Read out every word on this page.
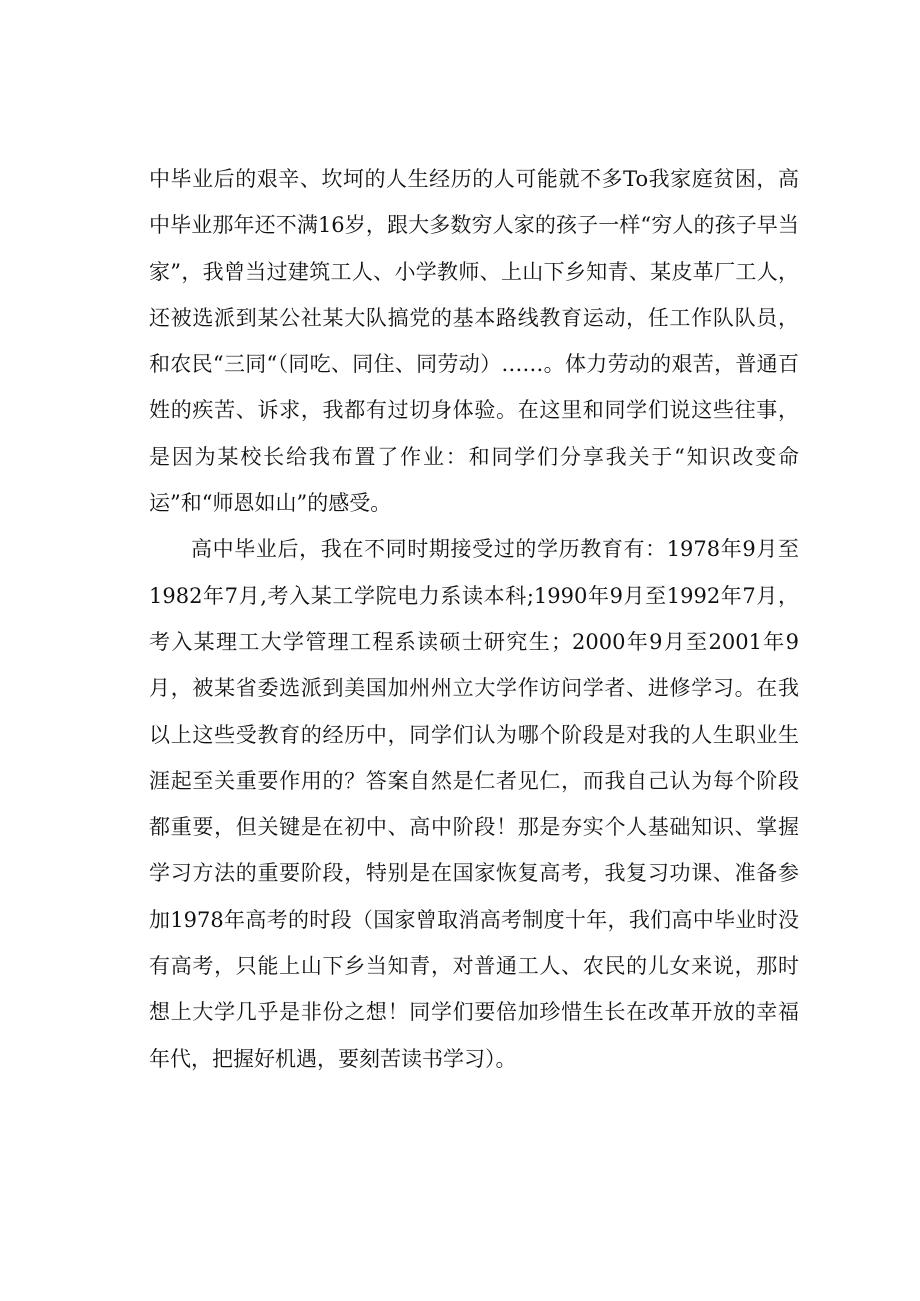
中毕业后的艰辛、坎坷的人生经历的人可能就不多To我家庭贫困，高中毕业那年还不满16岁，跟大多数穷人家的孩子一样“穷人的孩子早当家”，我曾当过建筑工人、小学教师、上山下乡知青、某皮革厂工人，还被选派到某公社某大队搞党的基本路线教育运动，任工作队队员，和农民“三同“（同吃、同住、同劳动）……。体力劳动的艰苦，普通百姓的疾苦、诉求，我都有过切身体验。在这里和同学们说这些往事，是因为某校长给我布置了作业：和同学们分享我关于“知识改变命运”和“师恩如山”的感受。

高中毕业后，我在不同时期接受过的学历教育有：1978年9月至1982年7月,考入某工学院电力系读本科;1990年9月至1992年7月，考入某理工大学管理工程系读硕士研究生；2000年9月至2001年9月，被某省委选派到美国加州州立大学作访问学者、进修学习。在我以上这些受教育的经历中，同学们认为哪个阶段是对我的人生职业生涯起至关重要作用的？答案自然是仁者见仁，而我自己认为每个阶段都重要，但关键是在初中、高中阶段！那是夯实个人基础知识、掌握学习方法的重要阶段，特别是在国家恢复高考，我复习功课、准备参加1978年高考的时段（国家曾取消高考制度十年，我们高中毕业时没有高考，只能上山下乡当知青，对普通工人、农民的儿女来说，那时想上大学几乎是非份之想！同学们要倍加珍惜生长在改革开放的幸福年代，把握好机遇，要刻苦读书学习）。
